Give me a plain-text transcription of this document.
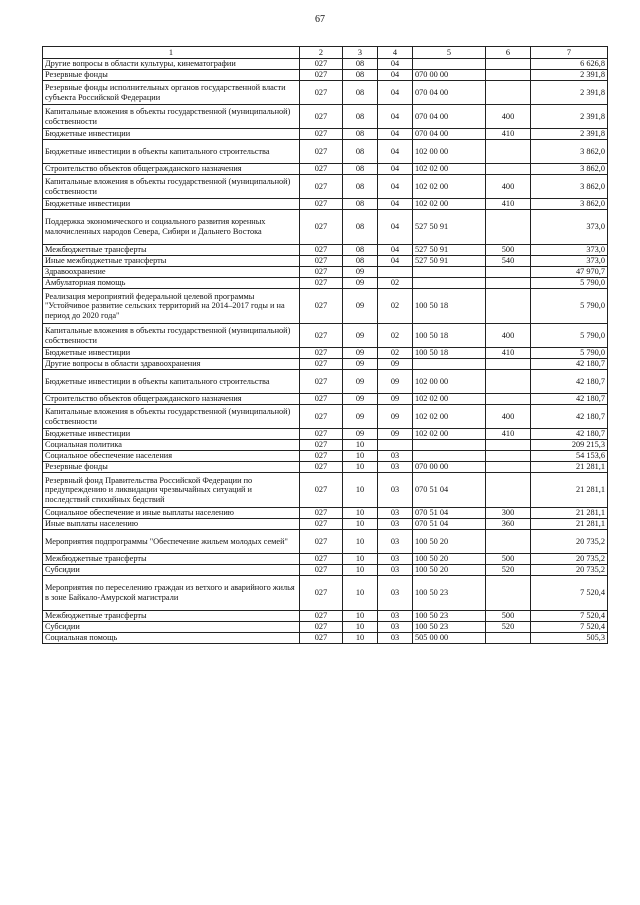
67
1	2	3	4	5	6	7
Другие вопросы в области культуры, кинематографии	027	08	04			6 626,8
Резервные фонды	027	08	04	070 00 00		2 391,8
Резервные фонды исполнительных органов государственной власти субъекта Российской Федерации	027	08	04	070 04 00		2 391,8
Капитальные вложения в объекты государственной (муниципальной) собственности	027	08	04	070 04 00	400	2 391,8
Бюджетные инвестиции	027	08	04	070 04 00	410	2 391,8
Бюджетные инвестиции в объекты капитального строительства	027	08	04	102 00 00		3 862,0
Строительство объектов общегражданского назначения	027	08	04	102 02 00		3 862,0
Капитальные вложения в объекты государственной (муниципальной) собственности	027	08	04	102 02 00	400	3 862,0
Бюджетные инвестиции	027	08	04	102 02 00	410	3 862,0
Поддержка экономического и социального развития коренных малочисленных народов Севера, Сибири и Дальнего Востока	027	08	04	527 50 91		373,0
Межбюджетные трансферты	027	08	04	527 50 91	500	373,0
Иные межбюджетные трансферты	027	08	04	527 50 91	540	373,0
Здравоохранение	027	09				47 970,7
Амбулаторная помощь	027	09	02			5 790,0
Реализация мероприятий федеральной целевой программы "Устойчивое развитие сельских территорий на 2014–2017 годы и на период до 2020 года"	027	09	02	100 50 18		5 790,0
Капитальные вложения в объекты государственной (муниципальной) собственности	027	09	02	100 50 18	400	5 790,0
Бюджетные инвестиции	027	09	02	100 50 18	410	5 790,0
Другие вопросы в области здравоохранения	027	09	09			42 180,7
Бюджетные инвестиции в объекты капитального строительства	027	09	09	102 00 00		42 180,7
Строительство объектов общегражданского назначения	027	09	09	102 02 00		42 180,7
Капитальные вложения в объекты государственной (муниципальной) собственности	027	09	09	102 02 00	400	42 180,7
Бюджетные инвестиции	027	09	09	102 02 00	410	42 180,7
Социальная политика	027	10				209 215,3
Социальное обеспечение населения	027	10	03			54 153,6
Резервные фонды	027	10	03	070 00 00		21 281,1
Резервный фонд Правительства Российской Федерации по предупреждению и ликвидации чрезвычайных ситуаций и последствий стихийных бедствий	027	10	03	070 51 04		21 281,1
Социальное обеспечение и иные выплаты населению	027	10	03	070 51 04	300	21 281,1
Иные выплаты населению	027	10	03	070 51 04	360	21 281,1
Мероприятия подпрограммы "Обеспечение жильем молодых семей"	027	10	03	100 50 20		20 735,2
Межбюджетные трансферты	027	10	03	100 50 20	500	20 735,2
Субсидии	027	10	03	100 50 20	520	20 735,2
Мероприятия по переселению граждан из ветхого и аварийного жилья в зоне Байкало-Амурской магистрали	027	10	03	100 50 23		7 520,4
Межбюджетные трансферты	027	10	03	100 50 23	500	7 520,4
Субсидии	027	10	03	100 50 23	520	7 520,4
Социальная помощь	027	10	03	505 00 00		505,3
